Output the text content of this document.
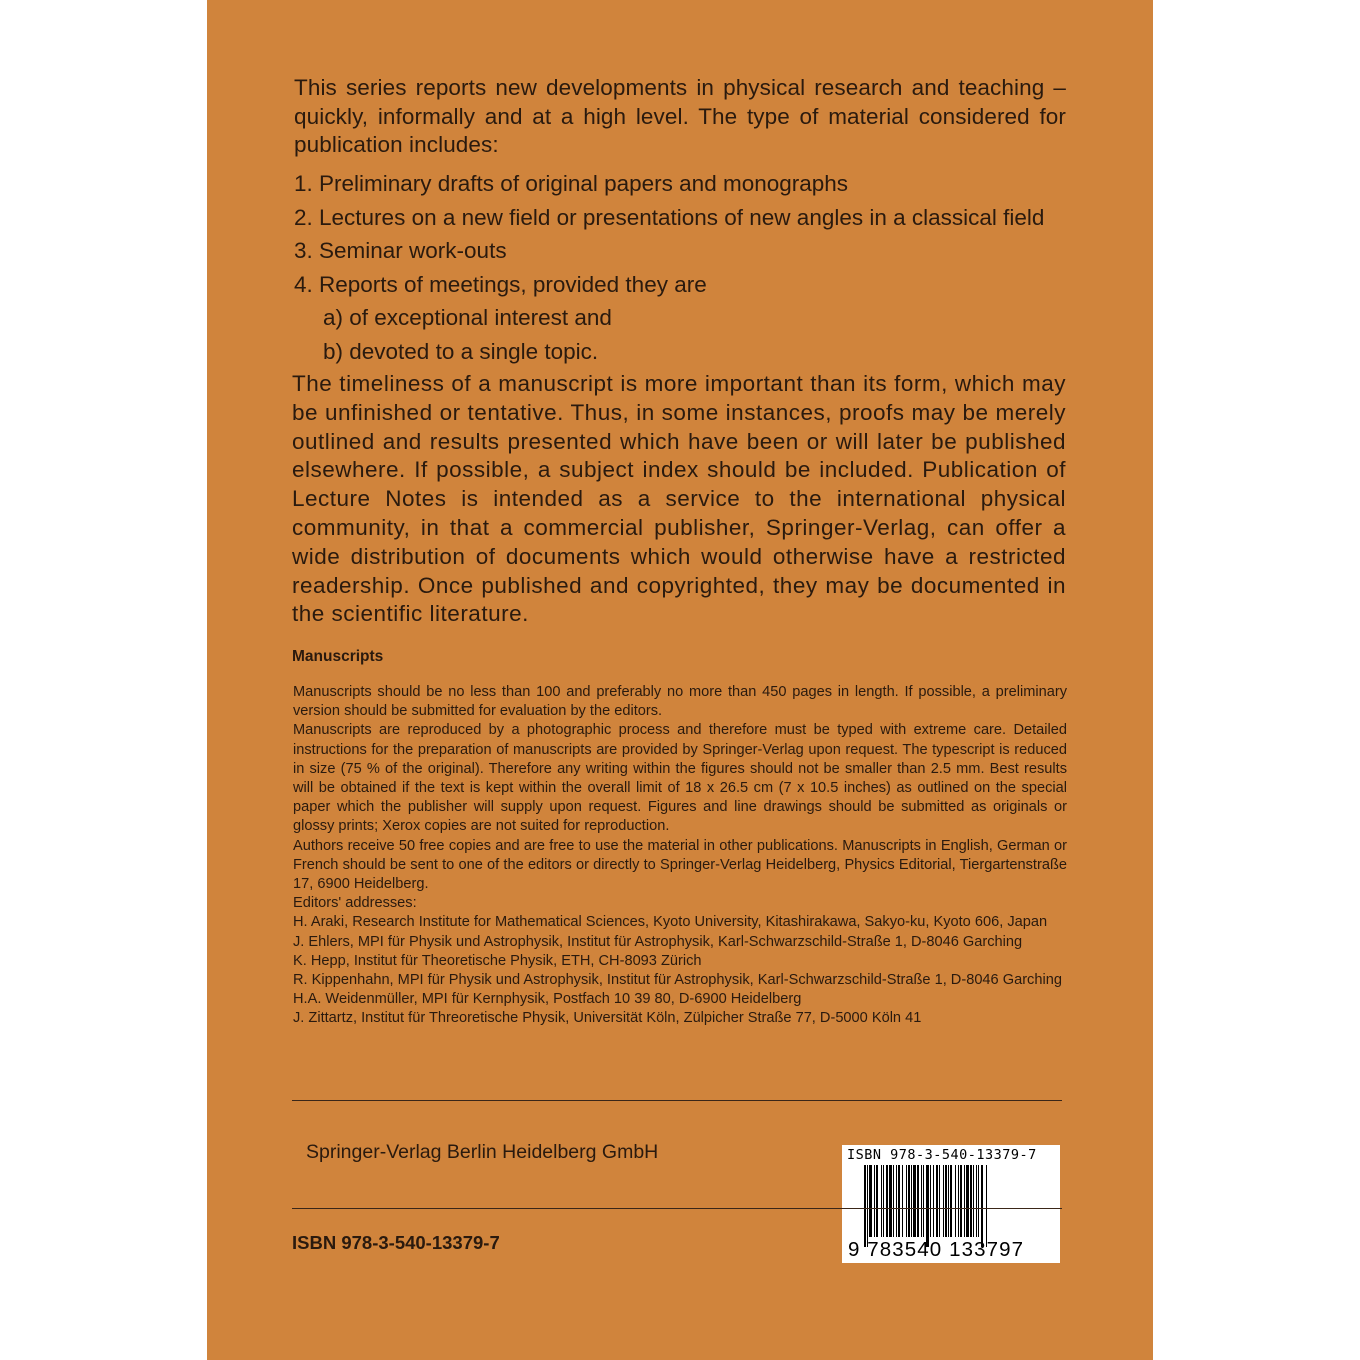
This series reports new developments in physical research and teaching – quickly, informally and at a high level. The type of material considered for publication includes:

1. Preliminary drafts of original papers and monographs
2. Lectures on a new field or presentations of new angles in a classical field
3. Seminar work-outs
4. Reports of meetings, provided they are
a) of exceptional interest and
b) devoted to a single topic.

The timeliness of a manuscript is more important than its form, which may be unfinished or tentative. Thus, in some instances, proofs may be merely outlined and results presented which have been or will later be published elsewhere. If possible, a subject index should be included. Publication of Lecture Notes is intended as a service to the international physical community, in that a commercial publisher, Springer-Verlag, can offer a wide distribution of documents which would otherwise have a restricted readership. Once published and copyrighted, they may be documented in the scientific literature.

Manuscripts

Manuscripts should be no less than 100 and preferably no more than 450 pages in length. If possible, a preliminary version should be submitted for evaluation by the editors.

Manuscripts are reproduced by a photographic process and therefore must be typed with extreme care. Detailed instructions for the preparation of manuscripts are provided by Springer-Verlag upon request. The typescript is reduced in size (75 % of the original). Therefore any writing within the figures should not be smaller than 2.5 mm. Best results will be obtained if the text is kept within the overall limit of 18 x 26.5 cm (7 x 10.5 inches) as outlined on the special paper which the publisher will supply upon request. Figures and line drawings should be submitted as originals or glossy prints; Xerox copies are not suited for reproduction.

Authors receive 50 free copies and are free to use the material in other publications. Manuscripts in English, German or French should be sent to one of the editors or directly to Springer-Verlag Heidelberg, Physics Editorial, Tiergartenstraße 17, 6900 Heidelberg.

Editors' addresses:

H. Araki, Research Institute for Mathematical Sciences, Kyoto University, Kitashirakawa, Sakyo-ku, Kyoto 606, Japan

J. Ehlers, MPI für Physik und Astrophysik, Institut für Astrophysik, Karl-Schwarzschild-Straße 1, D-8046 Garching

K. Hepp, Institut für Theoretische Physik, ETH, CH-8093 Zürich

R. Kippenhahn, MPI für Physik und Astrophysik, Institut für Astrophysik, Karl-Schwarzschild-Straße 1, D-8046 Garching

H.A. Weidenmüller, MPI für Kernphysik, Postfach 10 39 80, D-6900 Heidelberg

J. Zittartz, Institut für Threoretische Physik, Universität Köln, Zülpicher Straße 77, D-5000 Köln 41

Springer-Verlag Berlin Heidelberg GmbH	ISBN 978-3-540-13379-7
9 783540 133797
ISBN 978-3-540-13379-7
